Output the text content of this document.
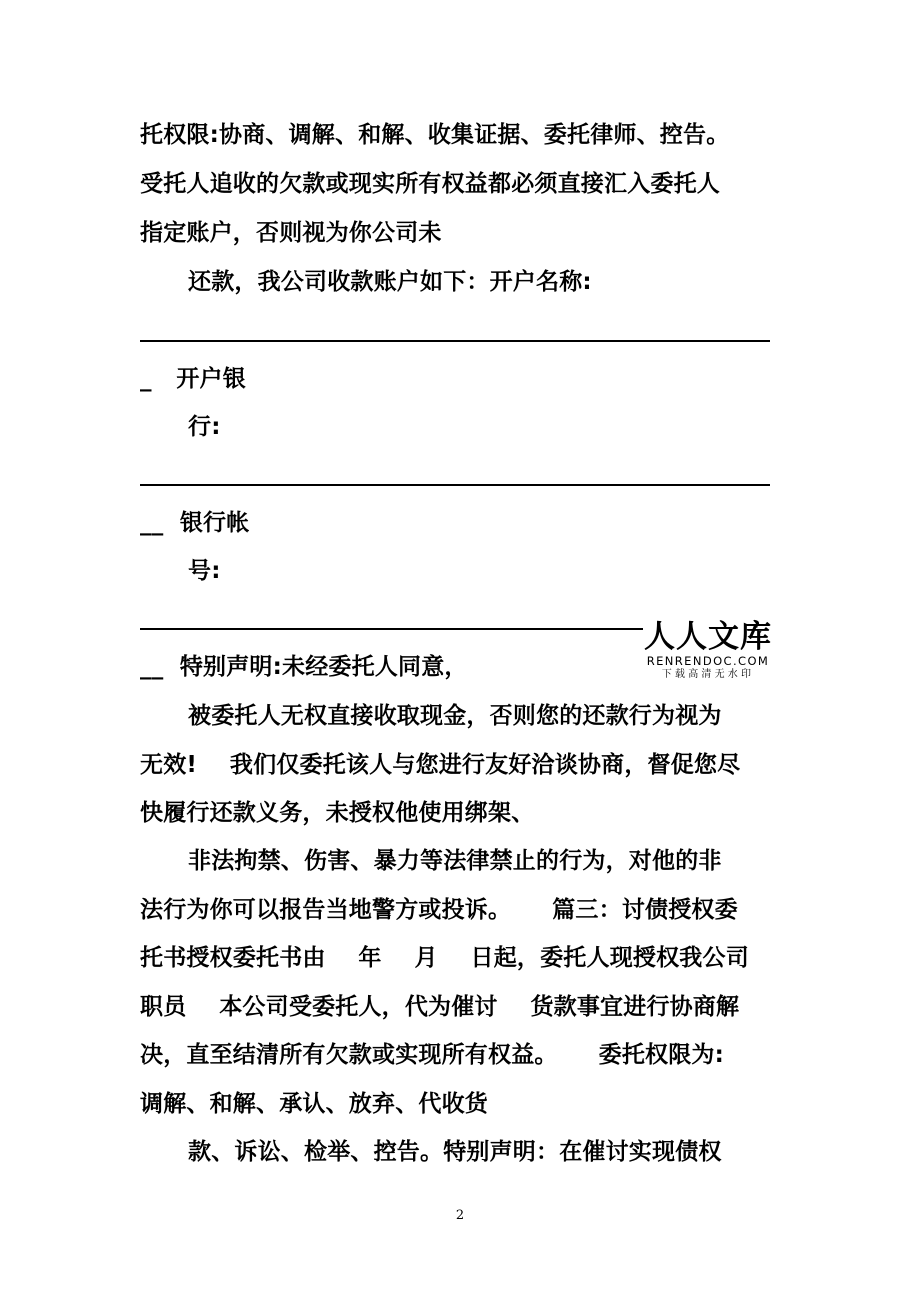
托权限:协商、调解、和解、收集证据、委托律师、控告。
受托人追收的欠款或现实所有权益都必须直接汇入委托人
指定账户，否则视为你公司未
还款，我公司收款账户如下：开户名称:
_   开户银
行:
__  银行帐
号:
__  特别声明:未经委托人同意，
被委托人无权直接收取现金，否则您的还款行为视为
无效!    我们仅委托该人与您进行友好洽谈协商，督促您尽
快履行还款义务，未授权他使用绑架、
非法拘禁、伤害、暴力等法律禁止的行为，对他的非
法行为你可以报告当地警方或投诉。     篇三：讨债授权委
托书授权委托书由    年    月    日起，委托人现授权我公司
职员    本公司受委托人，代为催讨    货款事宜进行协商解
决，直至结清所有欠款或实现所有权益。     委托权限为:
调解、和解、承认、放弃、代收货
款、诉讼、检举、控告。特别声明：在催讨实现债权
2
人人文库
RENRENDOC.COM
下载高清无水印
